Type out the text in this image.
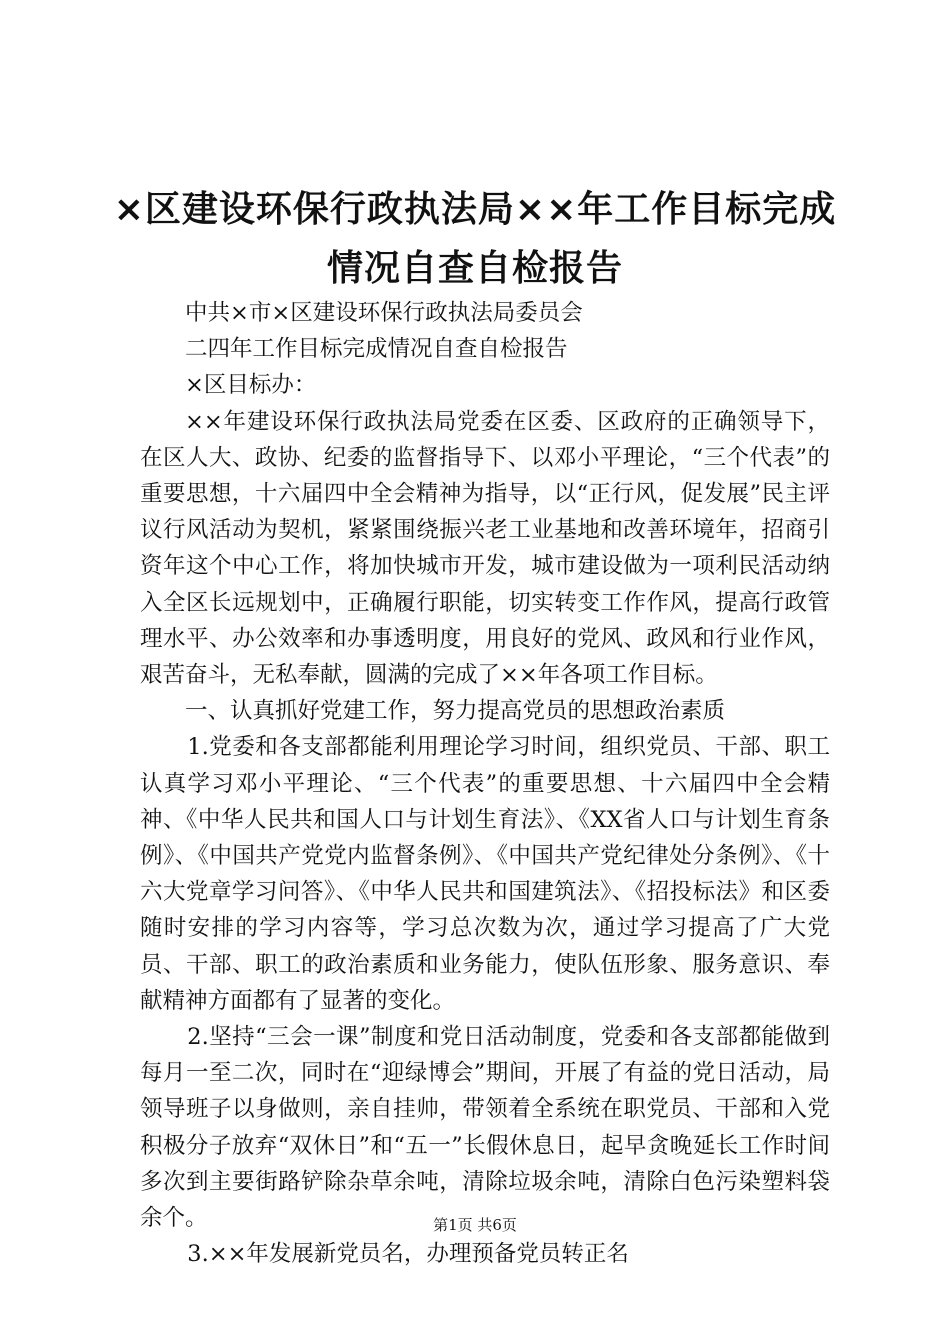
×区建设环保行政执法局××年工作目标完成
情况自查自检报告

中共×市×区建设环保行政执法局委员会

二四年工作目标完成情况自查自检报告

×区目标办：

××年建设环保行政执法局党委在区委、区政府的正确领导下，在区人大、政协、纪委的监督指导下、以邓小平理论，“三个代表”的重要思想，十六届四中全会精神为指导，以“正行风，促发展”民主评议行风活动为契机，紧紧围绕振兴老工业基地和改善环境年，招商引资年这个中心工作，将加快城市开发，城市建设做为一项利民活动纳入全区长远规划中，正确履行职能，切实转变工作作风，提高行政管理水平、办公效率和办事透明度，用良好的党风、政风和行业作风，艰苦奋斗，无私奉献，圆满的完成了××年各项工作目标。

一、认真抓好党建工作，努力提高党员的思想政治素质

1.党委和各支部都能利用理论学习时间，组织党员、干部、职工认真学习邓小平理论、“三个代表”的重要思想、十六届四中全会精神、《中华人民共和国人口与计划生育法》、《XX省人口与计划生育条例》、《中国共产党党内监督条例》、《中国共产党纪律处分条例》、《十六大党章学习问答》、《中华人民共和国建筑法》、《招投标法》和区委随时安排的学习内容等，学习总次数为次，通过学习提高了广大党员、干部、职工的政治素质和业务能力，使队伍形象、服务意识、奉献精神方面都有了显著的变化。

2.坚持“三会一课”制度和党日活动制度，党委和各支部都能做到每月一至二次，同时在“迎绿博会”期间，开展了有益的党日活动，局领导班子以身做则，亲自挂帅，带领着全系统在职党员、干部和入党积极分子放弃“双休日”和“五一”长假休息日，起早贪晚延长工作时间多次到主要街路铲除杂草余吨，清除垃圾余吨，清除白色污染塑料袋余个。

3.××年发展新党员名，办理预备党员转正名

第1页 共6页
